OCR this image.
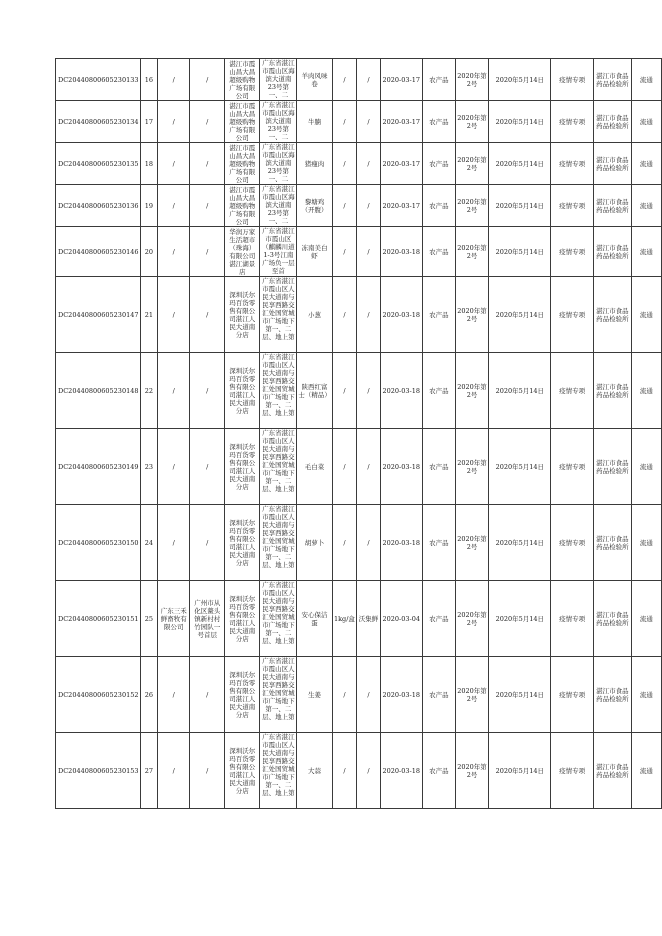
DC20440800605230133	16	/	/	湛江市霞山昌大昌超级购物广场有限公司	广东省湛江市霞山区海滨大道南23号第一、二	羊肉风味卷	/	/	2020-03-17	农产品	2020年第2号	2020年5月14日	疫情专项	湛江市食品药品检验所	流通
DC20440800605230134	17	/	/	湛江市霞山昌大昌超级购物广场有限公司	广东省湛江市霞山区海滨大道南23号第一、二	牛腩	/	/	2020-03-17	农产品	2020年第2号	2020年5月14日	疫情专项	湛江市食品药品检验所	流通
DC20440800605230135	18	/	/	湛江市霞山昌大昌超级购物广场有限公司	广东省湛江市霞山区海滨大道南23号第一、二	猪瘦肉	/	/	2020-03-17	农产品	2020年第2号	2020年5月14日	疫情专项	湛江市食品药品检验所	流通
DC20440800605230136	19	/	/	湛江市霞山昌大昌超级购物广场有限公司	广东省湛江市霞山区海滨大道南23号第一、二	黎塘鸡（开腹）	/	/	2020-03-17	农产品	2020年第2号	2020年5月14日	疫情专项	湛江市食品药品检验所	流通
DC20440800605230146	20	/	/	华润万家生活超市（珠海）有限公司湛江湖景店	广东省湛江市霞山区（麒麟川道1-3号江南广场负一层至首	冻南美白虾	/	/	2020-03-18	农产品	2020年第2号	2020年5月14日	疫情专项	湛江市食品药品检验所	流通
DC20440800605230147	21	/	/	深圳沃尔玛百货零售有限公司湛江人民大道南分店	广东省湛江市霞山区人民大道南与民享西路交汇处国贸城市广场地下第一、二层、地上第	小葱	/	/	2020-03-18	农产品	2020年第2号	2020年5月14日	疫情专项	湛江市食品药品检验所	流通
DC20440800605230148	22	/	/	深圳沃尔玛百货零售有限公司湛江人民大道南分店	广东省湛江市霞山区人民大道南与民享西路交汇处国贸城市广场地下第一、二层、地上第	陕西红富士（精品）	/	/	2020-03-18	农产品	2020年第2号	2020年5月14日	疫情专项	湛江市食品药品检验所	流通
DC20440800605230149	23	/	/	深圳沃尔玛百货零售有限公司湛江人民大道南分店	广东省湛江市霞山区人民大道南与民享西路交汇处国贸城市广场地下第一、二层、地上第	毛白菜	/	/	2020-03-18	农产品	2020年第2号	2020年5月14日	疫情专项	湛江市食品药品检验所	流通
DC20440800605230150	24	/	/	深圳沃尔玛百货零售有限公司湛江人民大道南分店	广东省湛江市霞山区人民大道南与民享西路交汇处国贸城市广场地下第一、二层、地上第	胡萝卜	/	/	2020-03-18	农产品	2020年第2号	2020年5月14日	疫情专项	湛江市食品药品检验所	流通
DC20440800605230151	25	广东三禾鲜畜牧有限公司	广州市从化区鳌头镇新村村竹园队一号首层	深圳沃尔玛百货零售有限公司湛江人民大道南分店	广东省湛江市霞山区人民大道南与民享西路交汇处国贸城市广场地下第一、二层、地上第	安心保洁蛋	1kg/盒	沃集鲜	2020-03-04	农产品	2020年第2号	2020年5月14日	疫情专项	湛江市食品药品检验所	流通
DC20440800605230152	26	/	/	深圳沃尔玛百货零售有限公司湛江人民大道南分店	广东省湛江市霞山区人民大道南与民享西路交汇处国贸城市广场地下第一、二层、地上第	生姜	/	/	2020-03-18	农产品	2020年第2号	2020年5月14日	疫情专项	湛江市食品药品检验所	流通
DC20440800605230153	27	/	/	深圳沃尔玛百货零售有限公司湛江人民大道南分店	广东省湛江市霞山区人民大道南与民享西路交汇处国贸城市广场地下第一、二层、地上第	大蒜	/	/	2020-03-18	农产品	2020年第2号	2020年5月14日	疫情专项	湛江市食品药品检验所	流通
